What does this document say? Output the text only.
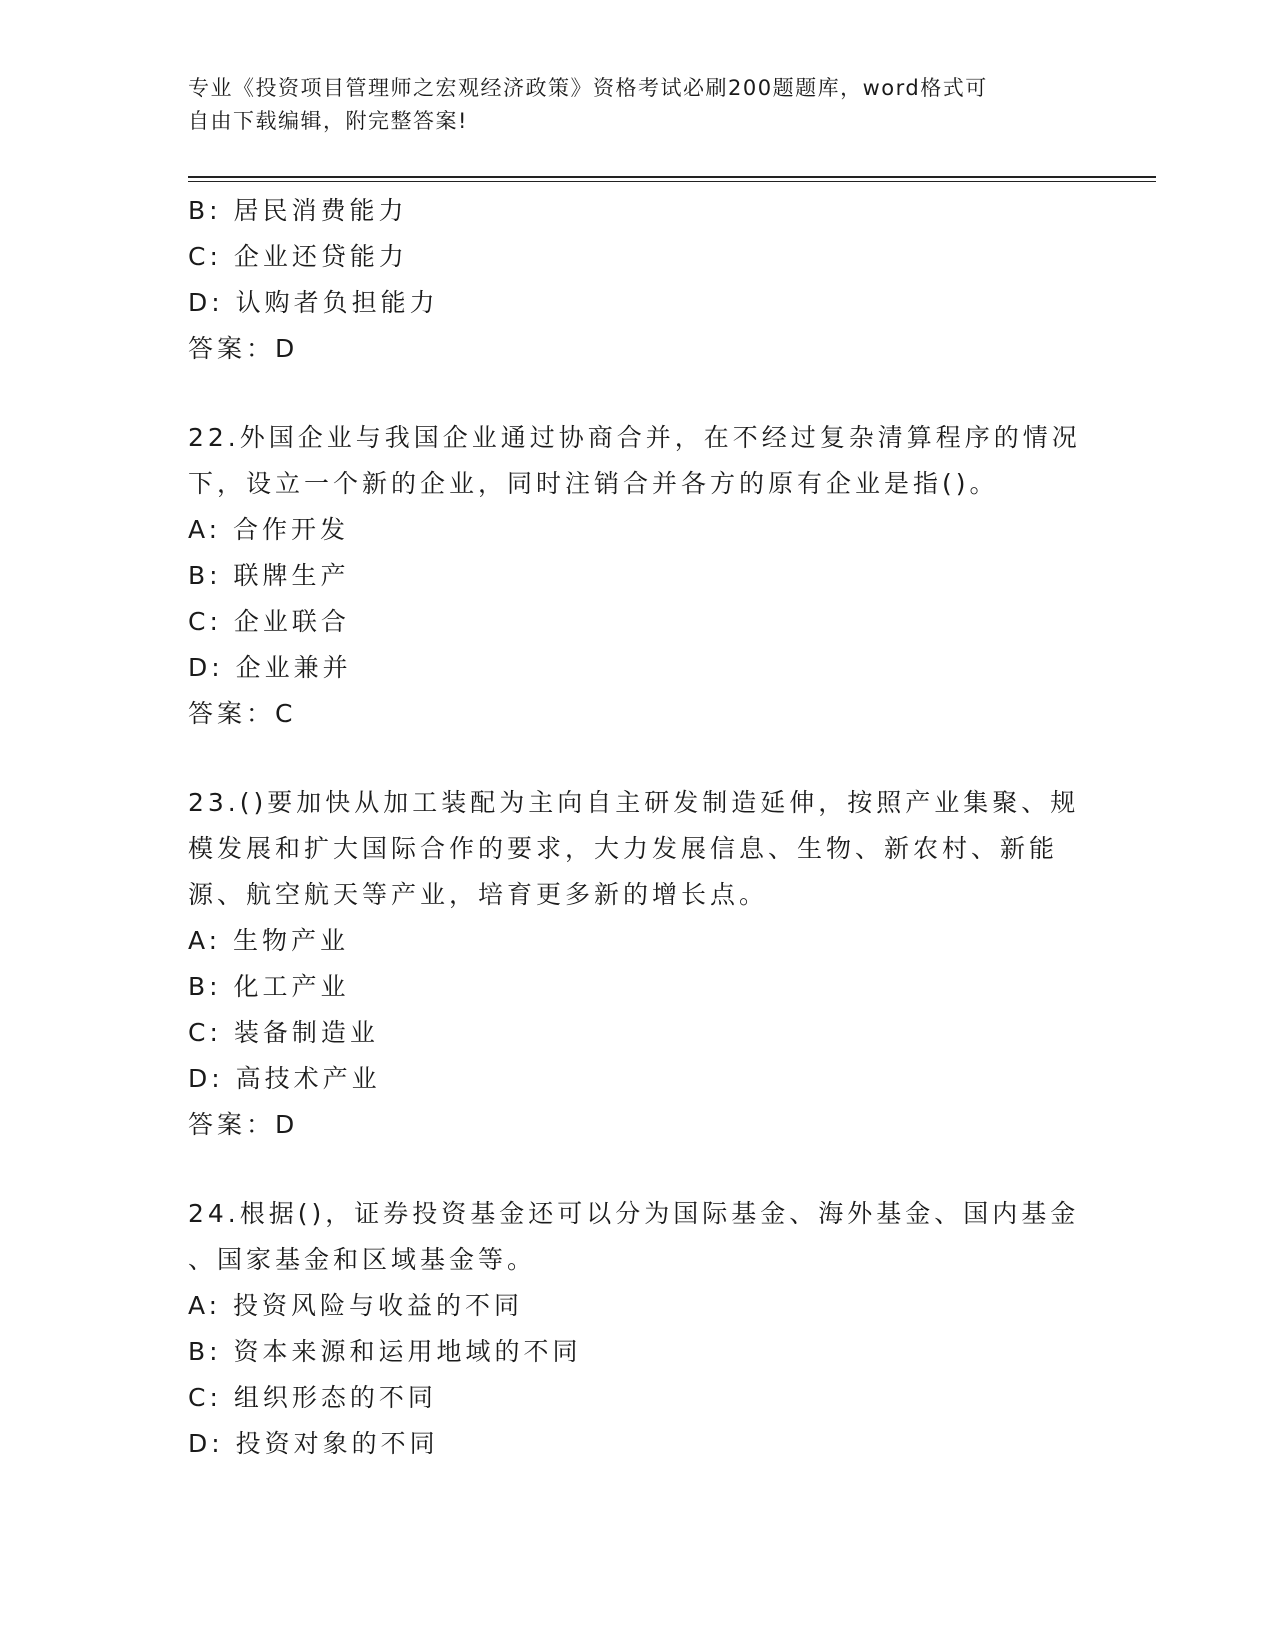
专业《投资项目管理师之宏观经济政策》资格考试必刷200题题库，word格式可
自由下载编辑，附完整答案!
B: 居民消费能力
C: 企业还贷能力
D: 认购者负担能力
答案：D
22.外国企业与我国企业通过协商合并，在不经过复杂清算程序的情况
下，设立一个新的企业，同时注销合并各方的原有企业是指()。
A: 合作开发
B: 联牌生产
C: 企业联合
D: 企业兼并
答案：C
23.()要加快从加工装配为主向自主研发制造延伸，按照产业集聚、规
模发展和扩大国际合作的要求，大力发展信息、生物、新农村、新能
源、航空航天等产业，培育更多新的增长点。
A: 生物产业
B: 化工产业
C: 装备制造业
D: 高技术产业
答案：D
24.根据()，证券投资基金还可以分为国际基金、海外基金、国内基金
、国家基金和区域基金等。
A: 投资风险与收益的不同
B: 资本来源和运用地域的不同
C: 组织形态的不同
D: 投资对象的不同
